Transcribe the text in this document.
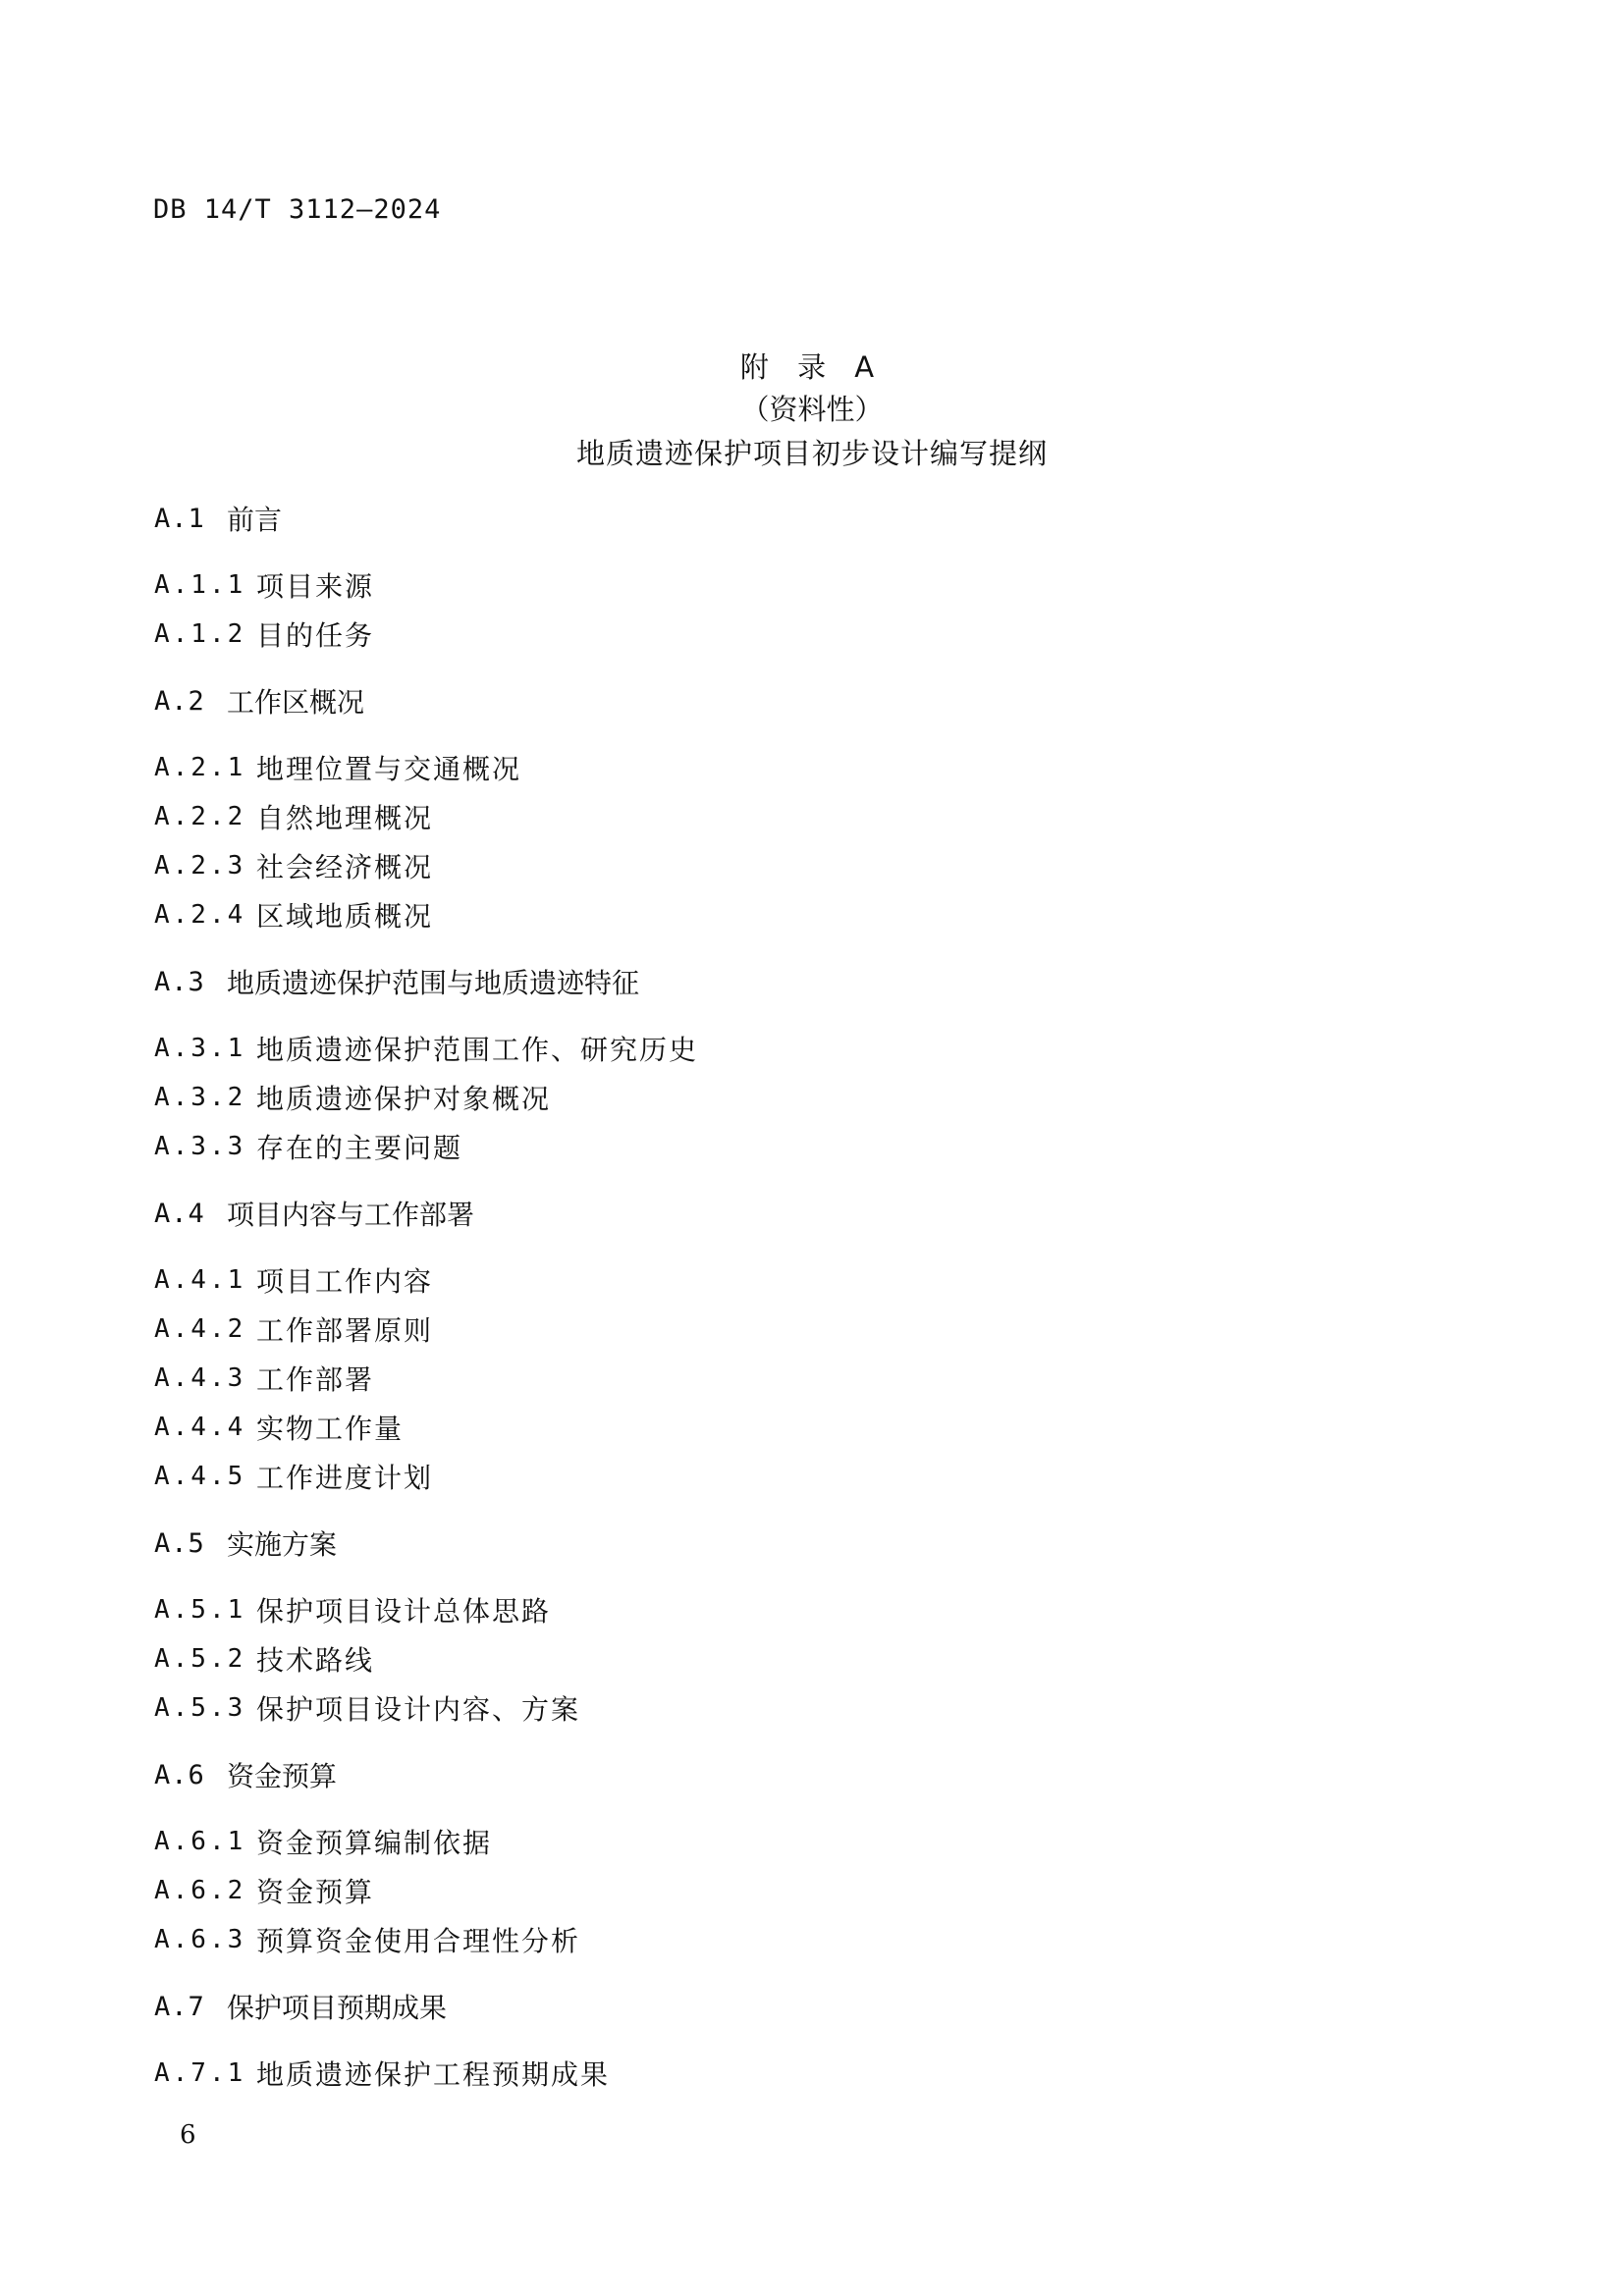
DB 14/T 3112—2024
附 录 A
（资料性）
地质遗迹保护项目初步设计编写提纲
A.1 前言
A.1.1 项目来源
A.1.2 目的任务
A.2 工作区概况
A.2.1 地理位置与交通概况
A.2.2 自然地理概况
A.2.3 社会经济概况
A.2.4 区域地质概况
A.3 地质遗迹保护范围与地质遗迹特征
A.3.1 地质遗迹保护范围工作、研究历史
A.3.2 地质遗迹保护对象概况
A.3.3 存在的主要问题
A.4 项目内容与工作部署
A.4.1 项目工作内容
A.4.2 工作部署原则
A.4.3 工作部署
A.4.4 实物工作量
A.4.5 工作进度计划
A.5 实施方案
A.5.1 保护项目设计总体思路
A.5.2 技术路线
A.5.3 保护项目设计内容、方案
A.6 资金预算
A.6.1 资金预算编制依据
A.6.2 资金预算
A.6.3 预算资金使用合理性分析
A.7 保护项目预期成果
A.7.1 地质遗迹保护工程预期成果
6
